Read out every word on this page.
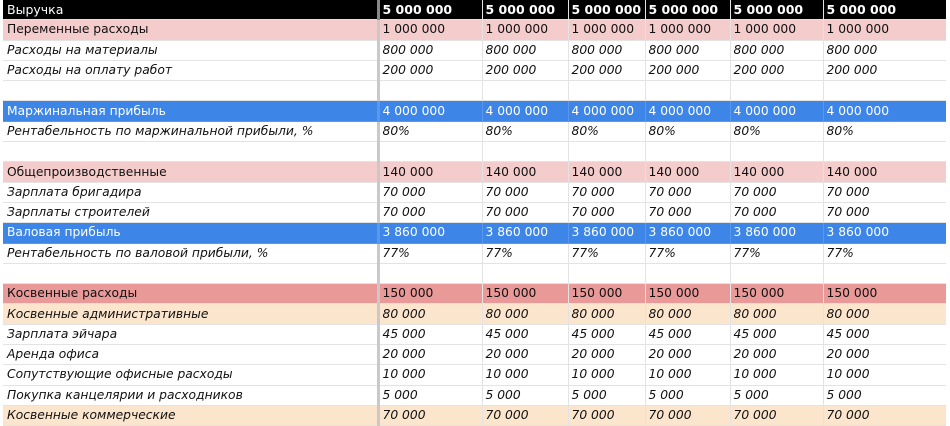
Выручка	5 000 000	5 000 000	5 000 000	5 000 000	5 000 000	5 000 000
Переменные расходы	1 000 000	1 000 000	1 000 000	1 000 000	1 000 000	1 000 000
Расходы на материалы	800 000	800 000	800 000	800 000	800 000	800 000
Расходы на оплату работ	200 000	200 000	200 000	200 000	200 000	200 000

Маржинальная прибыль	4 000 000	4 000 000	4 000 000	4 000 000	4 000 000	4 000 000
Рентабельность по маржинальной прибыли, %	80%	80%	80%	80%	80%	80%

Общепроизводственные	140 000	140 000	140 000	140 000	140 000	140 000
Зарплата бригадира	70 000	70 000	70 000	70 000	70 000	70 000
Зарплаты строителей	70 000	70 000	70 000	70 000	70 000	70 000
Валовая прибыль	3 860 000	3 860 000	3 860 000	3 860 000	3 860 000	3 860 000
Рентабельность по валовой прибыли, %	77%	77%	77%	77%	77%	77%

Косвенные расходы	150 000	150 000	150 000	150 000	150 000	150 000
Косвенные административные	80 000	80 000	80 000	80 000	80 000	80 000
Зарплата эйчара	45 000	45 000	45 000	45 000	45 000	45 000
Аренда офиса	20 000	20 000	20 000	20 000	20 000	20 000
Сопутствующие офисные расходы	10 000	10 000	10 000	10 000	10 000	10 000
Покупка канцелярии и расходников	5 000	5 000	5 000	5 000	5 000	5 000
Косвенные коммерческие	70 000	70 000	70 000	70 000	70 000	70 000
